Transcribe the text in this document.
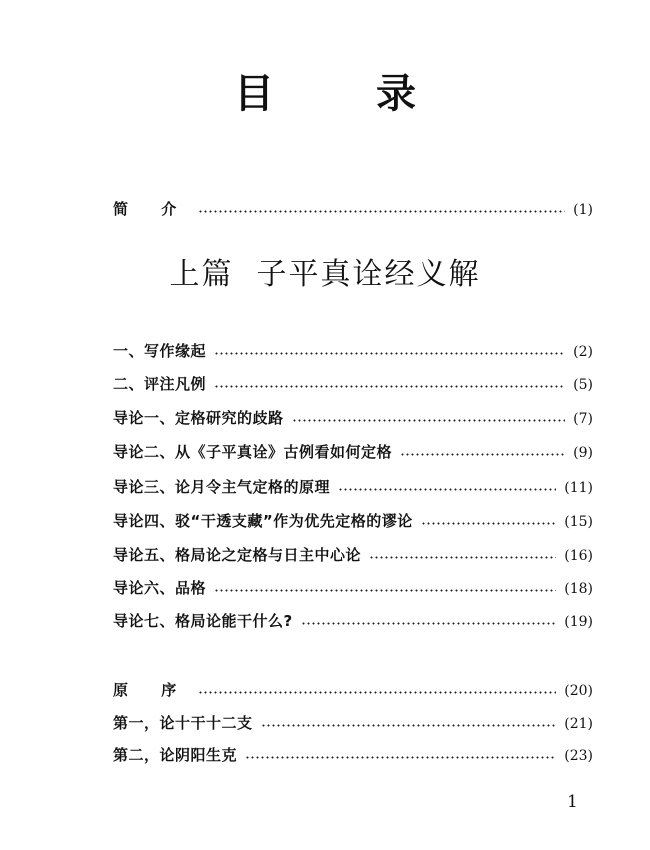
目 录
简 介	(1)
上篇  子平真诠经义解
一、写作缘起	(2)
二、评注凡例	(5)
导论一、定格研究的歧路	(7)
导论二、从《子平真诠》古例看如何定格	(9)
导论三、论月令主气定格的原理	(11)
导论四、驳“干透支藏”作为优先定格的谬论	(15)
导论五、格局论之定格与日主中心论	(16)
导论六、品格	(18)
导论七、格局论能干什么?	(19)
原 序	(20)
第一，论十干十二支	(21)
第二，论阴阳生克	(23)
1
